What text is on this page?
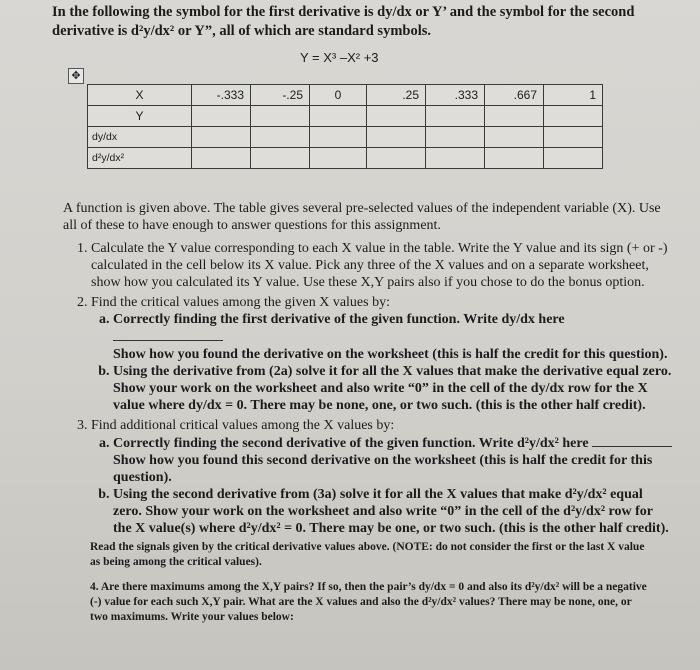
In the following the symbol for the first derivative is dy/dx or Y’ and the symbol for the second derivative is d²y/dx² or Y”, all of which are standard symbols.
Y = X³ –X² +3
✥
X	-.333	-.25	0	.25	.333	.667	1
Y							
dy/dx							
d²y/dx²							

A function is given above. The table gives several pre-selected values of the independent variable (X). Use all of these to have enough to answer questions for this assignment.

1. Calculate the Y value corresponding to each X value in the table. Write the Y value and its sign (+ or -) calculated in the cell below its X value. Pick any three of the X values and on a separate worksheet, show how you calculated its Y value. Use these X,Y pairs also if you chose to do the bonus option.
2. Find the critical values among the given X values by:
a. Correctly finding the first derivative of the given function. Write dy/dx here
Show how you found the derivative on the worksheet (this is half the credit for this question).
b. Using the derivative from (2a) solve it for all the X values that make the derivative equal zero. Show your work on the worksheet and also write “0” in the cell of the dy/dx row for the X value where dy/dx = 0. There may be none, one, or two such. (this is the other half credit).
3. Find additional critical values among the X values by:
a. Correctly finding the second derivative of the given function. Write d²y/dx² here
Show how you found this second derivative on the worksheet (this is half the credit for this question).
b. Using the second derivative from (3a) solve it for all the X values that make d²y/dx² equal zero. Show your work on the worksheet and also write “0” in the cell of the d²y/dx² row for the X value(s) where d²y/dx² = 0. There may be one, or two such. (this is the other half credit).
Read the signals given by the critical derivative values above. (NOTE: do not consider the first or the last X value as being among the critical values).
4. Are there maximums among the X,Y pairs? If so, then the pair’s dy/dx = 0 and also its d²y/dx² will be a negative (-) value for each such X,Y pair. What are the X values and also the d²y/dx² values? There may be none, one, or two maximums. Write your values below:
